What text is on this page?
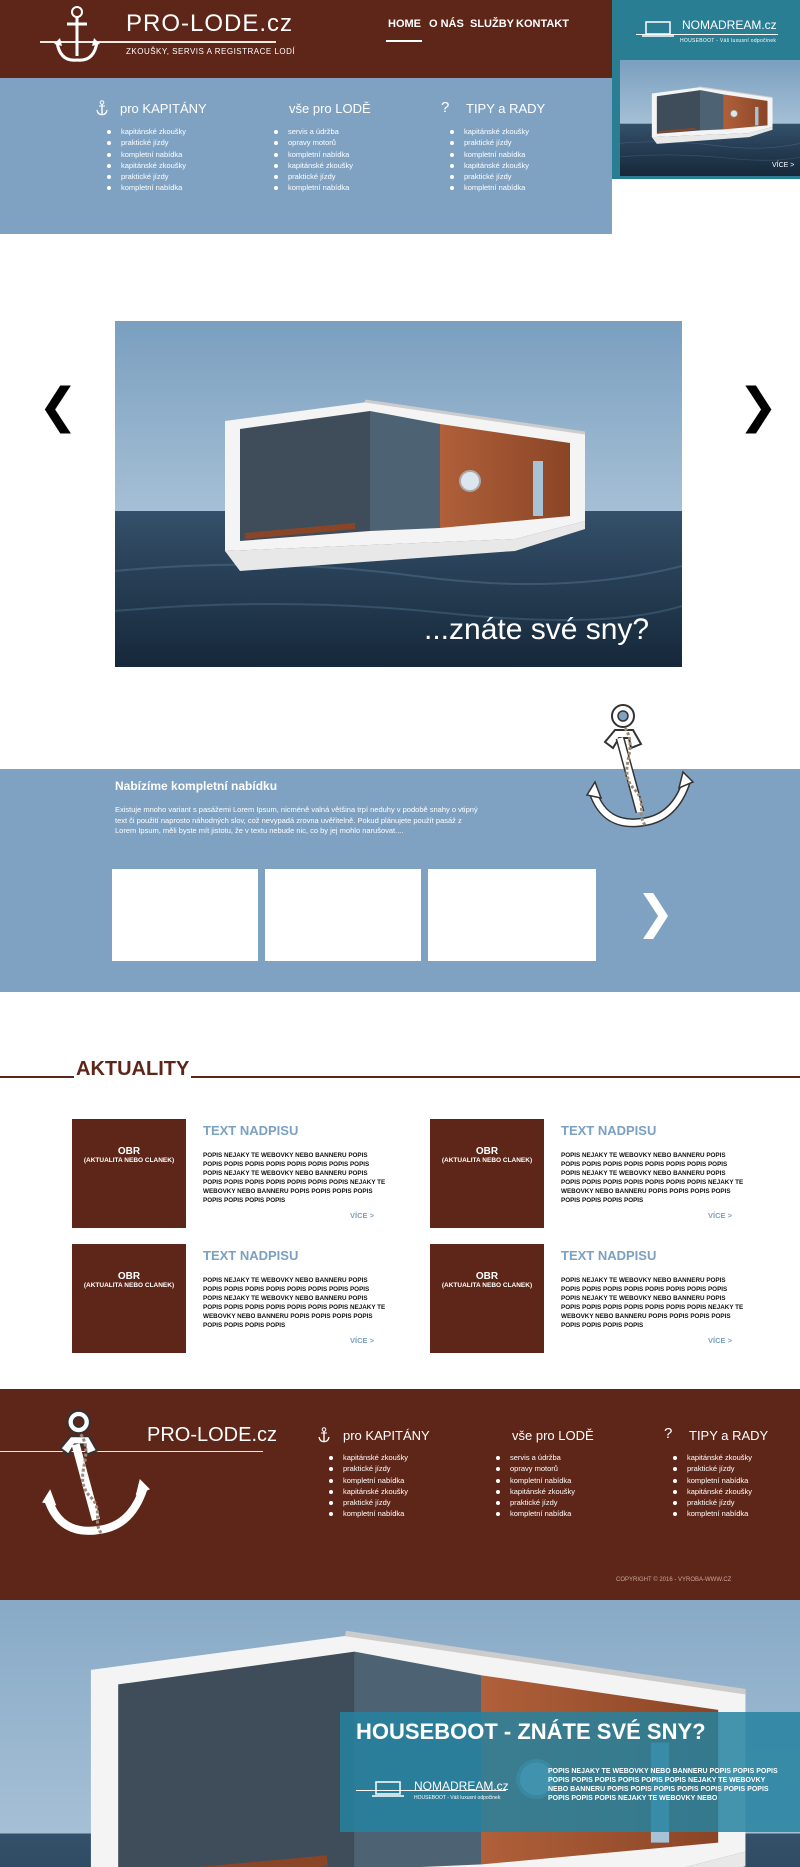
PRO-LODE.cz
ZKOUŠKY, SERVIS A REGISTRACE LODÍ
HOME O NÁS SLUŽBY KONTAKT	NOMADREAM.cz
HOUSEBOOT - Váš luxusní odpočinek
VÍCE >
pro KAPITÁNY
kapitánské zkoušky
praktické jízdy
kompletní nabídka
kapitánské zkoušky
praktické jízdy
kompletní nabídka
vše pro LODĚ
servis a údržba
opravy motorů
kompletní nabídka
kapitánské zkoušky
praktické jízdy
kompletní nabídka
? TIPY a RADY
kapitánské zkoušky
praktické jízdy
kompletní nabídka
kapitánské zkoušky
praktické jízdy
kompletní nabídka
❮
...znáte své sny?
❯
Nabízíme kompletní nabídku
Existuje mnoho variant s pasážemi Lorem Ipsum, nicméně valná většina trpí neduhy v podobě snahy o vtipný text či použití naprosto náhodných slov, což nevypadá zrovna uvěřitelně. Pokud plánujete použít pasáž z Lorem Ipsum, měli byste mít jistotu, že v textu nebude nic, co by jej mohlo narušovat....
❯
AKTUALITY
OBR
(AKTUALITA NEBO CLANEK)
TEXT NADPISU
POPIS NEJAKY TE WEBOVKY NEBO BANNERU POPIS POPIS POPIS POPIS POPIS POPIS POPIS POPIS POPIS POPIS NEJAKY TE WEBOVKY NEBO BANNERU POPIS POPIS POPIS POPIS POPIS POPIS POPIS POPIS NEJAKY TE WEBOVKY NEBO BANNERU POPIS POPIS POPIS POPIS POPIS POPIS POPIS POPIS
VÍCE >
OBR
(AKTUALITA NEBO CLANEK)
TEXT NADPISU
POPIS NEJAKY TE WEBOVKY NEBO BANNERU POPIS POPIS POPIS POPIS POPIS POPIS POPIS POPIS POPIS POPIS NEJAKY TE WEBOVKY NEBO BANNERU POPIS POPIS POPIS POPIS POPIS POPIS POPIS POPIS NEJAKY TE WEBOVKY NEBO BANNERU POPIS POPIS POPIS POPIS POPIS POPIS POPIS POPIS
VÍCE >
OBR
(AKTUALITA NEBO CLANEK)
TEXT NADPISU
POPIS NEJAKY TE WEBOVKY NEBO BANNERU POPIS POPIS POPIS POPIS POPIS POPIS POPIS POPIS POPIS POPIS NEJAKY TE WEBOVKY NEBO BANNERU POPIS POPIS POPIS POPIS POPIS POPIS POPIS POPIS NEJAKY TE WEBOVKY NEBO BANNERU POPIS POPIS POPIS POPIS POPIS POPIS POPIS POPIS
VÍCE >
OBR
(AKTUALITA NEBO CLANEK)
TEXT NADPISU
POPIS NEJAKY TE WEBOVKY NEBO BANNERU POPIS POPIS POPIS POPIS POPIS POPIS POPIS POPIS POPIS POPIS NEJAKY TE WEBOVKY NEBO BANNERU POPIS POPIS POPIS POPIS POPIS POPIS POPIS POPIS NEJAKY TE WEBOVKY NEBO BANNERU POPIS POPIS POPIS POPIS POPIS POPIS POPIS POPIS
VÍCE >
PRO-LODE.cz	pro KAPITÁNY
kapitánské zkoušky
praktické jízdy
kompletní nabídka
kapitánské zkoušky
praktické jízdy
kompletní nabídka
vše pro LODĚ
servis a údržba
opravy motorů
kompletní nabídka
kapitánské zkoušky
praktické jízdy
kompletní nabídka
? TIPY a RADY
kapitánské zkoušky
praktické jízdy
kompletní nabídka
kapitánské zkoušky
praktické jízdy
kompletní nabídka
COPYRIGHT © 2016 - VYROBA-WWW.CZ
HOUSEBOOT - ZNÁTE SVÉ SNY?
NOMADREAM.cz
HOUSEBOOT - Váš luxusní odpočinek
POPIS NEJAKY TE WEBOVKY NEBO BANNERU POPIS POPIS POPIS POPIS POPIS POPIS POPIS POPIS POPIS NEJAKY TE WEBOVKY NEBO BANNERU POPIS POPIS POPIS POPIS POPIS POPIS POPIS POPIS POPIS POPIS NEJAKY TE WEBOVKY NEBO
